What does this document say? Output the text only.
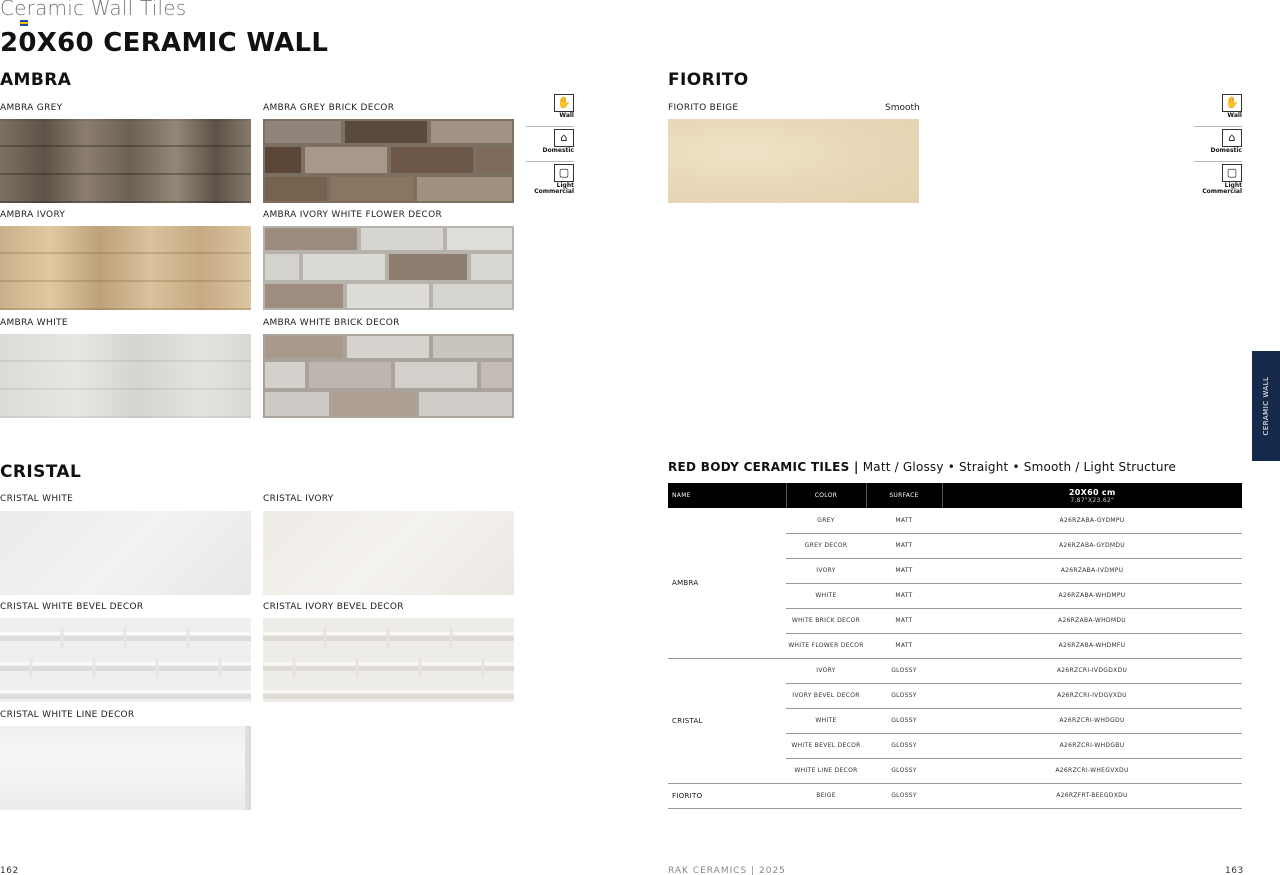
Ceramic Wall Tiles
20X60 CERAMIC WALL
AMBRA
AMBRA GREY	AMBRA GREY BRICK DECOR
AMBRA IVORY	AMBRA IVORY WHITE FLOWER DECOR
AMBRA WHITE	AMBRA WHITE BRICK DECOR
✋
Wall
⌂
Domestic
▢
Light
Commercial
FIORITO
FIORITO BEIGE	Smooth	✋
Wall
⌂
Domestic
▢
Light
Commercial
CRISTAL
CRISTAL WHITE	CRISTAL IVORY
CRISTAL WHITE BEVEL DECOR	CRISTAL IVORY BEVEL DECOR
CRISTAL WHITE LINE DECOR
CERAMIC WALL
RED BODY CERAMIC TILES | Matt / Glossy • Straight • Smooth / Light Structure
NAME	COLOR	SURFACE	20X60 cm
7.87"X23.62"

AMBRA	GREY	MATT	A26RZABA-GYDMPU
	GREY DECOR	MATT	A26RZABA-GYDMDU
	IVORY	MATT	A26RZABA-IVDMPU
	WHITE	MATT	A26RZABA-WHDMPU
	WHITE BRICK DECOR	MATT	A26RZABA-WHDMDU
	WHITE FLOWER DECOR	MATT	A26RZABA-WHDMFU
CRISTAL	IVORY	GLOSSY	A26RZCRI-IVDGDXDU
	IVORY BEVEL DECOR	GLOSSY	A26RZCRI-IVDGVXDU
	WHITE	GLOSSY	A26RZCRI-WHDGDU
	WHITE BEVEL DECOR	GLOSSY	A26RZCRI-WHDGBU
	WHITE LINE DECOR	GLOSSY	A26RZCRI-WHEGVXDU
FIORITO	BEIGE	GLOSSY	A26RZFRT-BEEGDXDU
162	RAK CERAMICS | 2025	163
